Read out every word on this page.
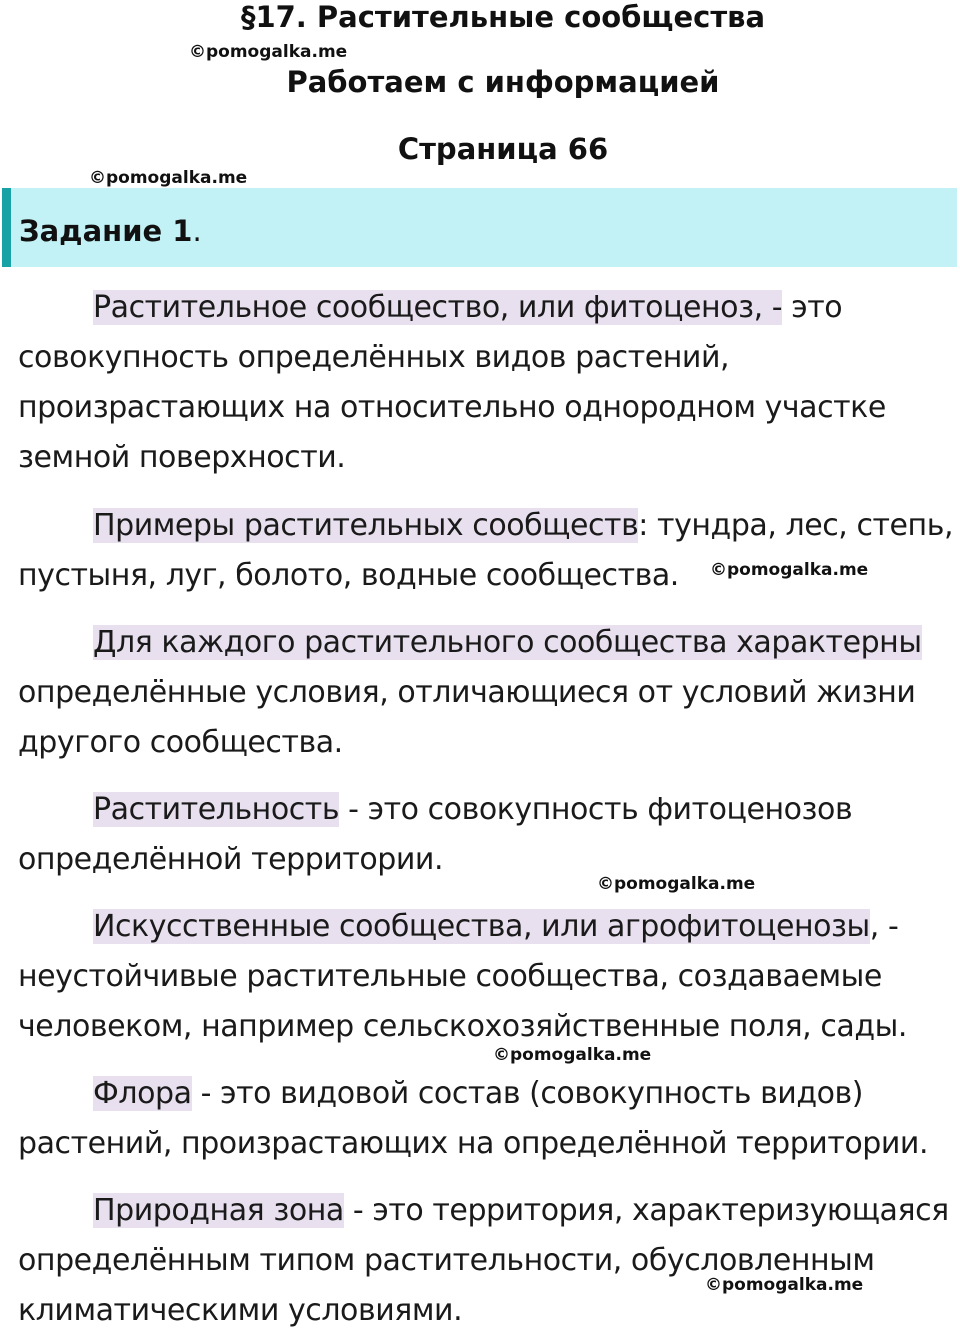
§17. Растительные сообщества
Работаем с информацией
Страница 66
©pomogalka.me
©pomogalka.me
Задание 1.

Растительное сообщество, или фитоценоз, - это совокупность определённых видов растений, произрастающих на относительно однородном участке земной поверхности.

Примеры растительных сообществ: тундра, лес, степь, пустыня, луг, болото, водные сообщества.	©pomogalka.me

Для каждого растительного сообщества характерны определённые условия, отличающиеся от условий жизни другого сообщества.

Растительность - это совокупность фитоценозов определённой территории.

©pomogalka.me

Искусственные сообщества, или агрофитоценозы, - неустойчивые растительные сообщества, создаваемые человеком, например сельскохозяйственные поля, сады.

©pomogalka.me

Флора - это видовой состав (совокупность видов) растений, произрастающих на определённой территории.

Природная зона - это территория, характеризующаяся определённым типом растительности, обусловленным климатическими условиями.

©pomogalka.me
